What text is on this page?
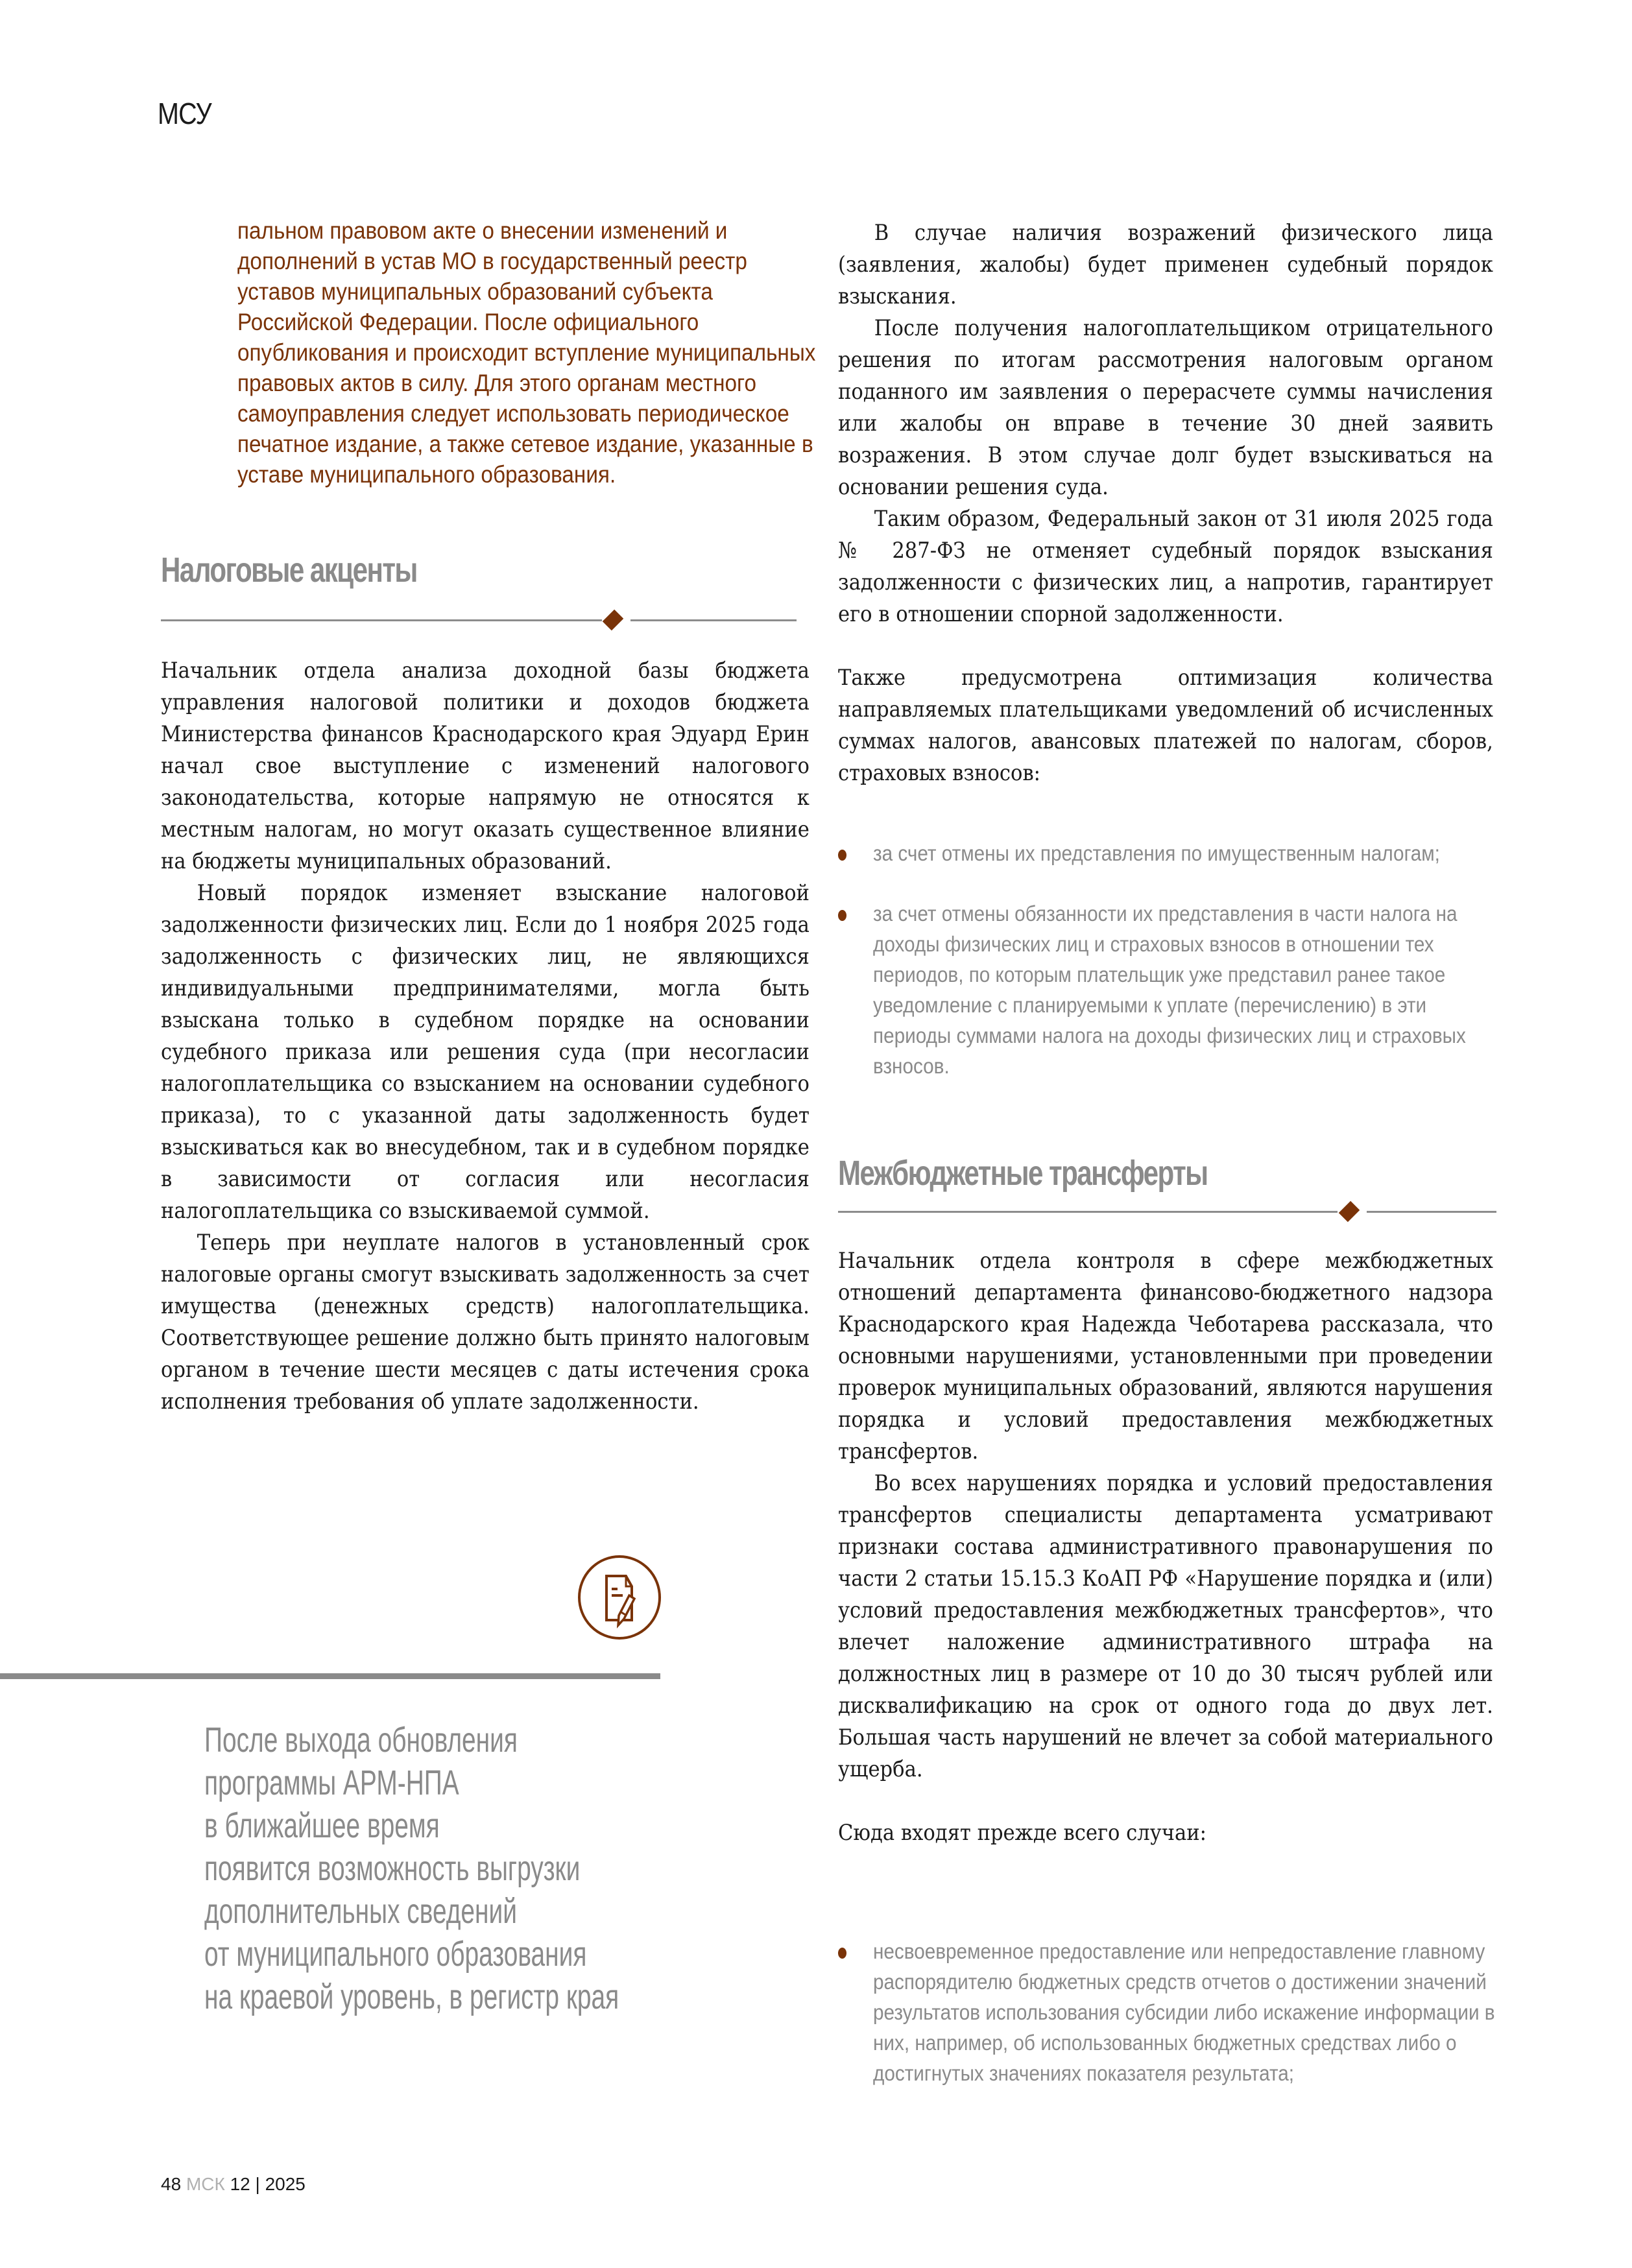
МСУ
пальном правовом акте о внесении изменений и дополнений в устав МО в государственный реестр уставов муниципальных образований субъекта Российской Федерации. После официального опубликования и происходит вступление муниципальных правовых актов в силу. Для этого органам местного самоуправления следует использовать периодическое печатное издание, а также сетевое издание, указанные в уставе муниципального образования.
Налоговые акценты

Начальник отдела анализа доходной базы бюджета управления налоговой политики и доходов бюджета Министерства финансов Краснодарского края Эдуард Ерин начал свое выступление с изменений налогового законодательства, которые напрямую не относятся к местным налогам, но могут оказать существенное влияние на бюджеты муниципальных образований.

Новый порядок изменяет взыскание налоговой задолженности физических лиц. Если до 1 ноября 2025 года задолженность с физических лиц, не являющихся индивидуальными предпринимателями, могла быть взыскана только в судебном порядке на основании судебного приказа или решения суда (при несогласии налогоплательщика со взысканием на основании судебного приказа), то с указанной даты задолженность будет взыскиваться как во внесудебном, так и в судебном порядке в зависимости от согласия или несогласия налогоплательщика со взыскиваемой суммой.

Теперь при неуплате налогов в установленный срок налоговые органы смогут взыскивать задолженность за счет имущества (денежных средств) налогоплательщика. Соответствующее решение должно быть принято налоговым органом в течение шести месяцев с даты истечения срока исполнения требования об уплате задолженности.

После выхода обновления
программы АРМ-НПА
в ближайшее время
появится возможность выгрузки
дополнительных сведений
от муниципального образования
на краевой уровень, в регистр края

В случае наличия возражений физического лица (заявления, жалобы) будет применен судебный порядок взыскания.

После получения налогоплательщиком отрицательного решения по итогам рассмотрения налоговым органом поданного им заявления о перерасчете суммы начисления или жалобы он вправе в течение 30 дней заявить возражения. В этом случае долг будет взыскиваться на основании решения суда.

Таким образом, Федеральный закон от 31 июля 2025 года № 287-ФЗ не отменяет судебный порядок взыскания задолженности с физических лиц, а напротив, гарантирует его в отношении спорной задолженности.

Также предусмотрена оптимизация количества направляемых плательщиками уведомлений об исчисленных суммах налогов, авансовых платежей по налогам, сборов, страховых взносов:

за счет отмены их представления по имущественным налогам;
за счет отмены обязанности их представления в части налога на доходы физических лиц и страховых взносов в отношении тех периодов, по которым плательщик уже представил ранее такое уведомление с планируемыми к уплате (перечислению) в эти периоды суммами налога на доходы физических лиц и страховых взносов.
Межбюджетные трансферты

Начальник отдела контроля в сфере межбюджетных отношений департамента финансово-бюджетного надзора Краснодарского края Надежда Чеботарева рассказала, что основными нарушениями, установленными при проведении проверок муниципальных образований, являются нарушения порядка и условий предоставления межбюджетных трансфертов.

Во всех нарушениях порядка и условий предоставления трансфертов специалисты департамента усматривают признаки состава административного правонарушения по части 2 статьи 15.15.3 КоАП РФ «Нарушение порядка и (или) условий предоставления межбюджетных трансфертов», что влечет наложение административного штрафа на должностных лиц в размере от 10 до 30 тысяч рублей или дисквалификацию на срок от одного года до двух лет. Большая часть нарушений не влечет за собой материального ущерба.

Сюда входят прежде всего случаи:

несвоевременное предоставление или непредоставление главному распорядителю бюджетных средств отчетов о достижении значений результатов использования субсидии либо искажение информации в них, например, об использованных бюджетных средствах либо о достигнутых значениях показателя результата;
48 МСК 12 | 2025
